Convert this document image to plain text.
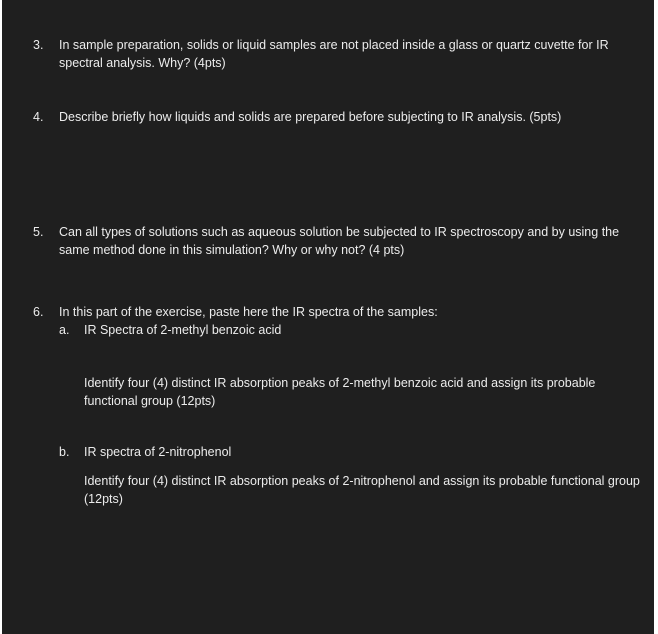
3. In sample preparation, solids or liquid samples are not placed inside a glass or quartz cuvette for IR spectral analysis. Why? (4pts)
4. Describe briefly how liquids and solids are prepared before subjecting to IR analysis. (5pts)
5. Can all types of solutions such as aqueous solution be subjected to IR spectroscopy and by using the same method done in this simulation? Why or why not? (4 pts)
6. In this part of the exercise, paste here the IR spectra of the samples:
a. IR Spectra of 2-methyl benzoic acid
Identify four (4) distinct IR absorption peaks of 2-methyl benzoic acid and assign its probable functional group (12pts)
b. IR spectra of 2-nitrophenol
Identify four (4) distinct IR absorption peaks of 2-nitrophenol and assign its probable functional group (12pts)
